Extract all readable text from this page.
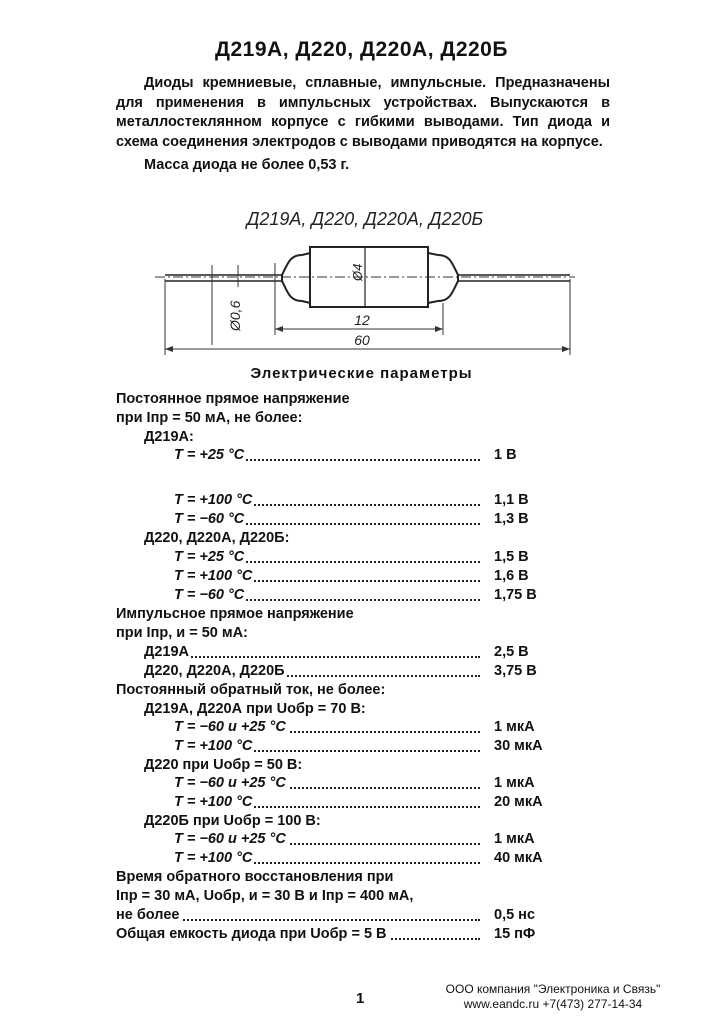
Д219А, Д220, Д220А, Д220Б

Диоды кремниевые, сплавные, импульсные. Предназначены для применения в импульсных устройствах. Выпускаются в металлостеклянном корпусе с гибкими выводами. Тип диода и схема соединения электродов с выводами приводятся на корпусе.

Масса диода не более 0,53 г.

Д219А, Д220, Д220А, Д220Б
Ø4
Ø0,6	12
60
Электрические параметры
Постоянное прямое напряжение
при Iпр = 50 мА, не более:
Д219А:
T = +25 °C	1 В
T = +100 °C	1,1 В
T = −60 °C	1,3 В
Д220, Д220А, Д220Б:
T = +25 °C	1,5 В
T = +100 °C	1,6 В
T = −60 °C	1,75 В
Импульсное прямое напряжение
при Iпр, и = 50 мА:
Д219А	2,5 В
Д220, Д220А, Д220Б	3,75 В
Постоянный обратный ток, не более:
Д219А, Д220А при Uобр = 70 В:
T = −60 и +25 °C	1 мкА
T = +100 °C	30 мкА
Д220 при Uобр = 50 В:
T = −60 и +25 °C	1 мкА
T = +100 °C	20 мкА
Д220Б при Uобр = 100 В:
T = −60 и +25 °C	1 мкА
T = +100 °C	40 мкА
Время обратного восстановления при
Iпр = 30 мА, Uобр, и = 30 В и Iпр = 400 мА,
не более	0,5 нс
Общая емкость диода при Uобр = 5 В	15 пФ
1
ООО компания "Электроника и Связь"
www.eandc.ru +7(473) 277-14-34
